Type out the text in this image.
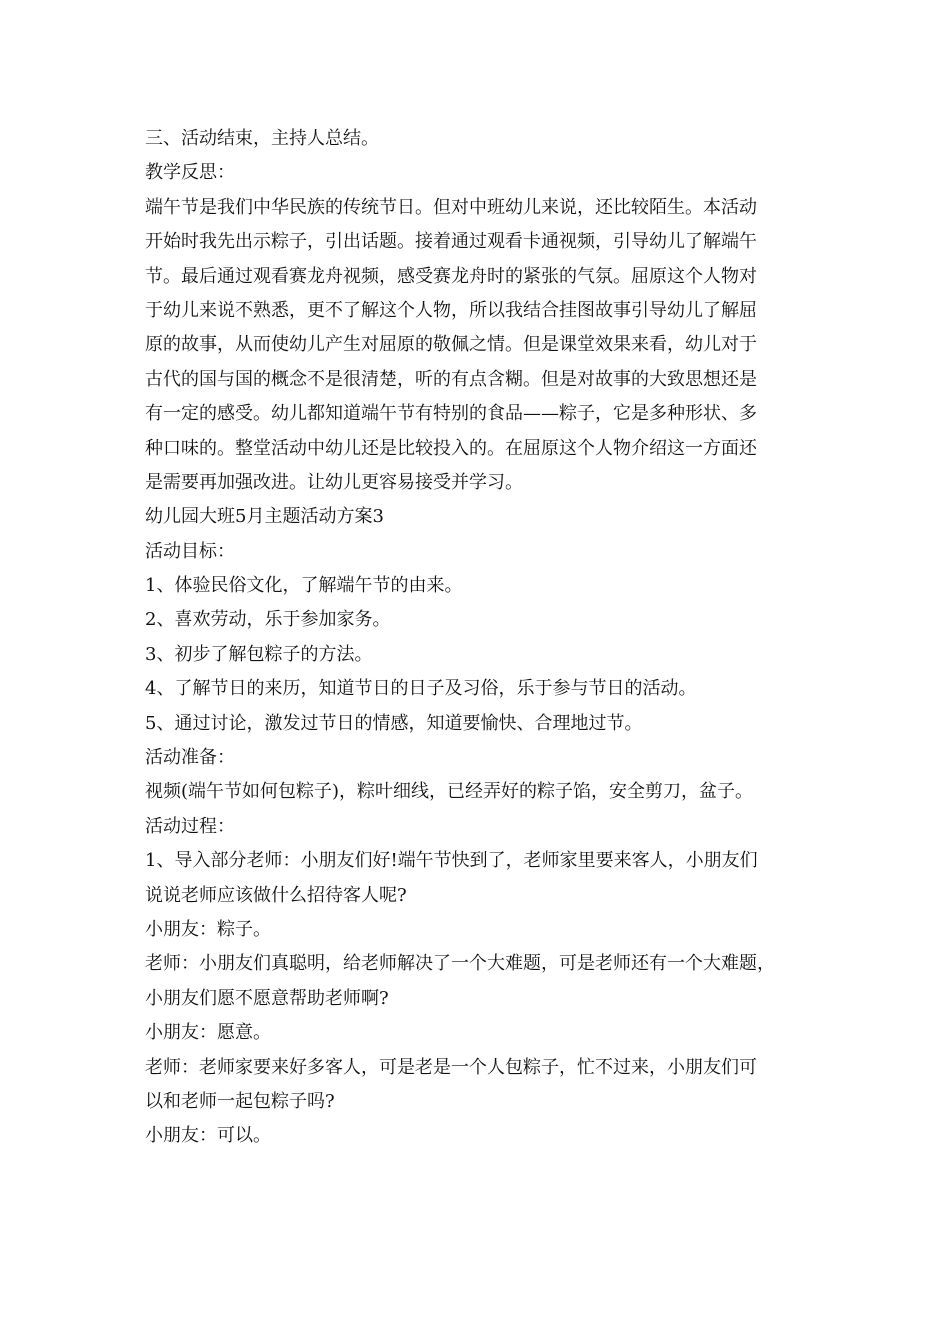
三、活动结束，主持人总结。
教学反思：
端午节是我们中华民族的传统节日。但对中班幼儿来说，还比较陌生。本活动
开始时我先出示粽子，引出话题。接着通过观看卡通视频，引导幼儿了解端午
节。最后通过观看赛龙舟视频，感受赛龙舟时的紧张的气氛。屈原这个人物对
于幼儿来说不熟悉，更不了解这个人物，所以我结合挂图故事引导幼儿了解屈
原的故事，从而使幼儿产生对屈原的敬佩之情。但是课堂效果来看，幼儿对于
古代的国与国的概念不是很清楚，听的有点含糊。但是对故事的大致思想还是
有一定的感受。幼儿都知道端午节有特别的食品——粽子，它是多种形状、多
种口味的。整堂活动中幼儿还是比较投入的。在屈原这个人物介绍这一方面还
是需要再加强改进。让幼儿更容易接受并学习。
幼儿园大班5月主题活动方案3
活动目标：
1、体验民俗文化，了解端午节的由来。
2、喜欢劳动，乐于参加家务。
3、初步了解包粽子的方法。
4、了解节日的来历，知道节日的日子及习俗，乐于参与节日的活动。
5、通过讨论，激发过节日的情感，知道要愉快、合理地过节。
活动准备：
视频(端午节如何包粽子)，粽叶细线，已经弄好的粽子馅，安全剪刀，盆子。
活动过程：
1、导入部分老师：小朋友们好!端午节快到了，老师家里要来客人，小朋友们
说说老师应该做什么招待客人呢?
小朋友：粽子。
老师：小朋友们真聪明，给老师解决了一个大难题，可是老师还有一个大难题，
小朋友们愿不愿意帮助老师啊?
小朋友：愿意。
老师：老师家要来好多客人，可是老是一个人包粽子，忙不过来，小朋友们可
以和老师一起包粽子吗?
小朋友：可以。
